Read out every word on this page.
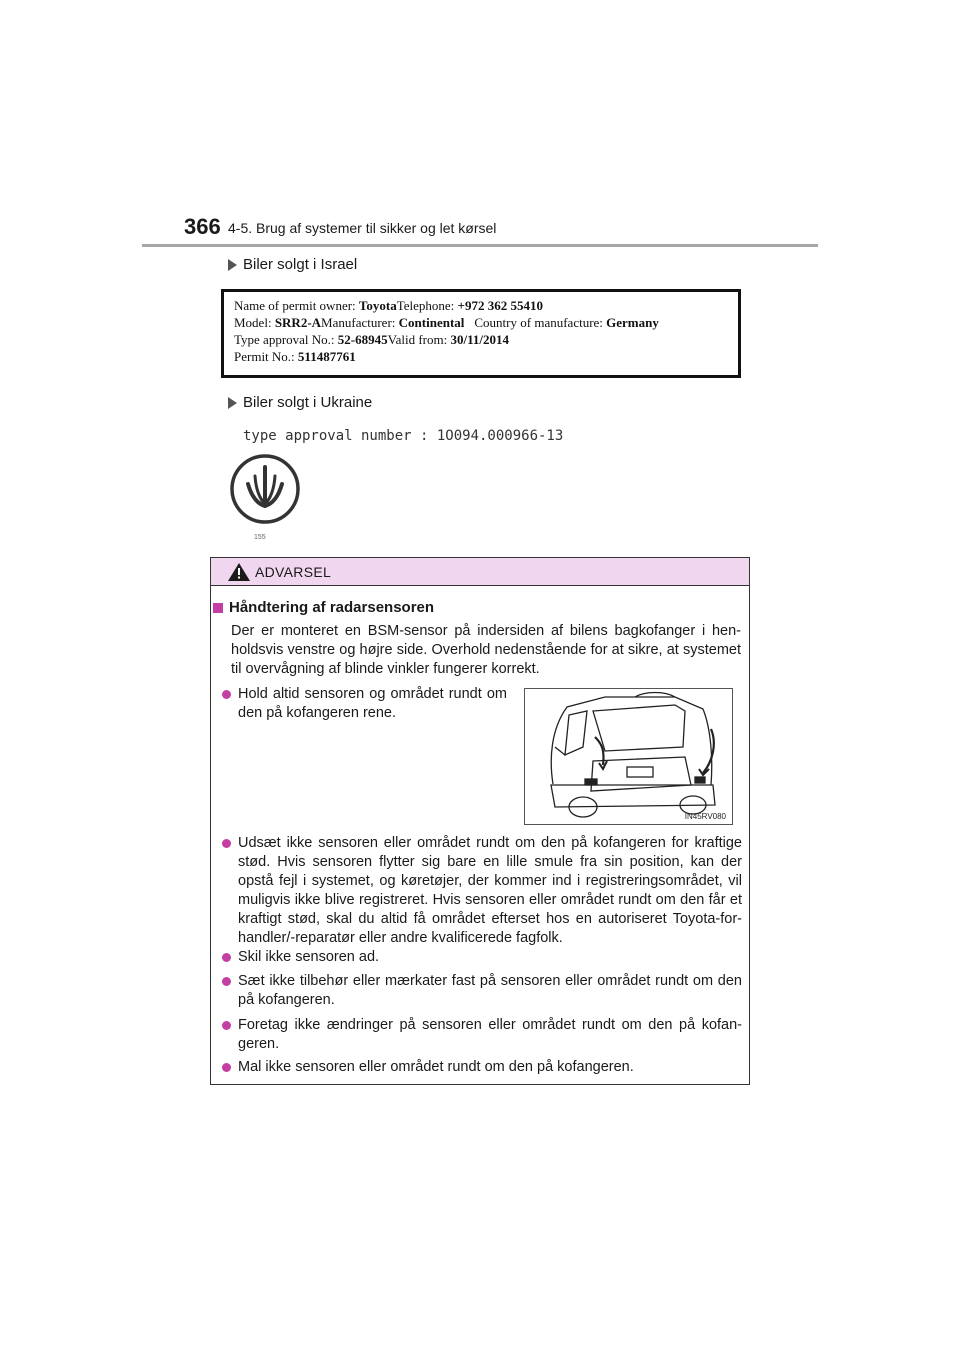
366 4-5. Brug af systemer til sikker og let kørsel
Biler solgt i Israel
Name of permit owner: ToyotaTelephone: +972 362 55410
Model: SRR2-AManufacturer: Continental Country of manufacture: Germany
Type approval No.: 52-68945Valid from: 30/11/2014
Permit No.: 511487761
Biler solgt i Ukraine
type approval number : 1O094.000966-13
155
ADVARSEL
Håndtering af radarsensoren
Der er monteret en BSM-sensor på indersiden af bilens bagkofanger i hen-holdsvis venstre og højre side. Overhold nedenstående for at sikre, at systemet til overvågning af blinde vinkler fungerer korrekt.
Hold altid sensoren og området rundt om den på kofangeren rene.
IN45RV080
Udsæt ikke sensoren eller området rundt om den på kofangeren for kraftige stød. Hvis sensoren flytter sig bare en lille smule fra sin position, kan der opstå fejl i systemet, og køretøjer, der kommer ind i registreringsområdet, vil muligvis ikke blive registreret. Hvis sensoren eller området rundt om den får et kraftigt stød, skal du altid få området efterset hos en autoriseret Toyota-for-handler/-reparatør eller andre kvalificerede fagfolk.
Skil ikke sensoren ad.
Sæt ikke tilbehør eller mærkater fast på sensoren eller området rundt om den på kofangeren.
Foretag ikke ændringer på sensoren eller området rundt om den på kofan-geren.
Mal ikke sensoren eller området rundt om den på kofangeren.
